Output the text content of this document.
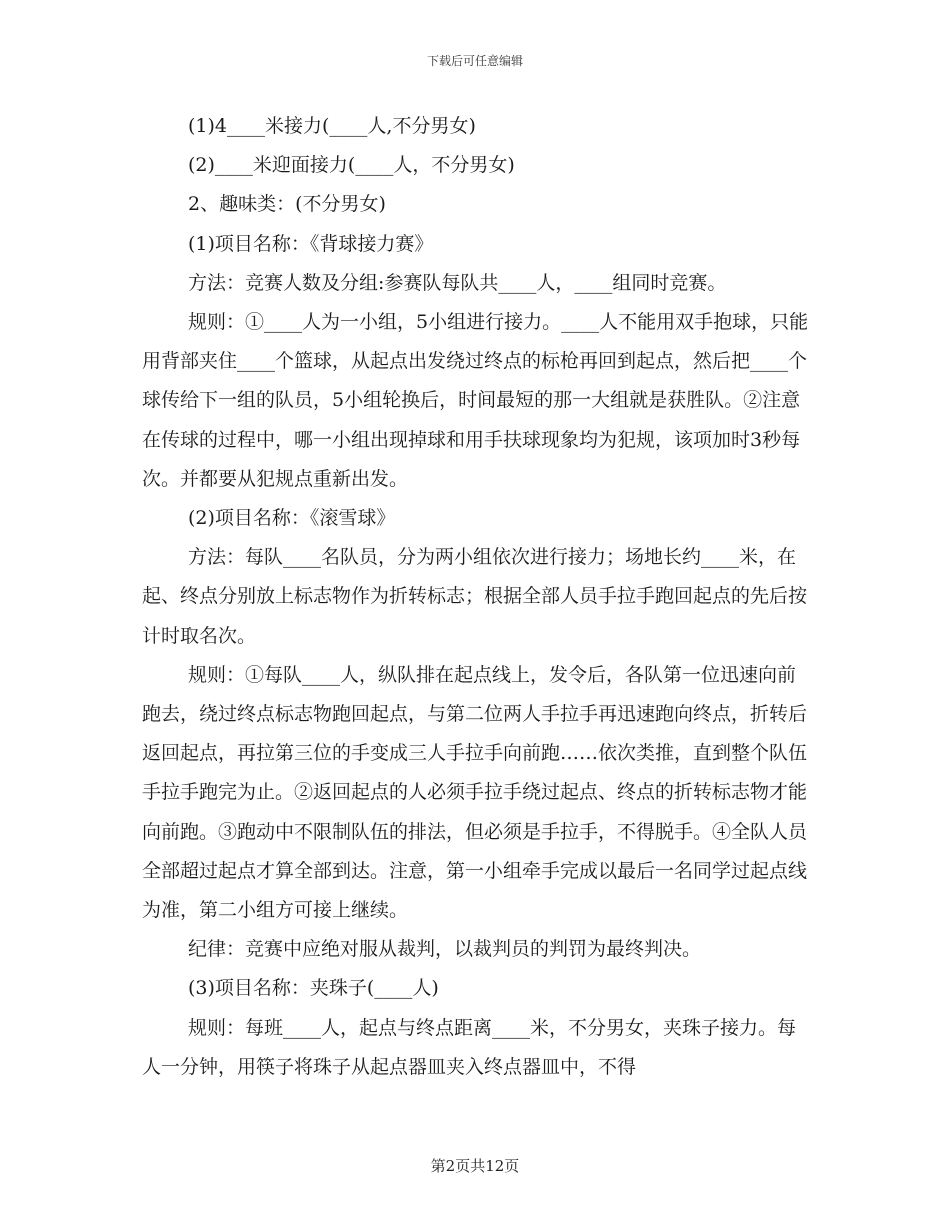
下载后可任意编辑

(1)4____米接力(____人,不分男女)

(2)____米迎面接力(____人，不分男女)

2、趣味类：(不分男女)

(1)项目名称：《背球接力赛》

方法：竞赛人数及分组:参赛队每队共____人，____组同时竞赛。

规则：①____人为一小组，5小组进行接力。____人不能用双手抱球，只能用背部夹住____个篮球，从起点出发绕过终点的标枪再回到起点，然后把____个球传给下一组的队员，5小组轮换后，时间最短的那一大组就是获胜队。②注意在传球的过程中，哪一小组出现掉球和用手扶球现象均为犯规，该项加时3秒每次。并都要从犯规点重新出发。

(2)项目名称：《滚雪球》

方法：每队____名队员，分为两小组依次进行接力；场地长约____米，在起、终点分别放上标志物作为折转标志；根据全部人员手拉手跑回起点的先后按计时取名次。

规则：①每队____人，纵队排在起点线上，发令后，各队第一位迅速向前跑去，绕过终点标志物跑回起点，与第二位两人手拉手再迅速跑向终点，折转后返回起点，再拉第三位的手变成三人手拉手向前跑……依次类推，直到整个队伍手拉手跑完为止。②返回起点的人必须手拉手绕过起点、终点的折转标志物才能向前跑。③跑动中不限制队伍的排法，但必须是手拉手，不得脱手。④全队人员全部超过起点才算全部到达。注意，第一小组牵手完成以最后一名同学过起点线为准，第二小组方可接上继续。

纪律：竞赛中应绝对服从裁判，以裁判员的判罚为最终判决。

(3)项目名称：夹珠子(____人)

规则：每班____人，起点与终点距离____米，不分男女，夹珠子接力。每人一分钟，用筷子将珠子从起点器皿夹入终点器皿中，不得

第2页共12页
